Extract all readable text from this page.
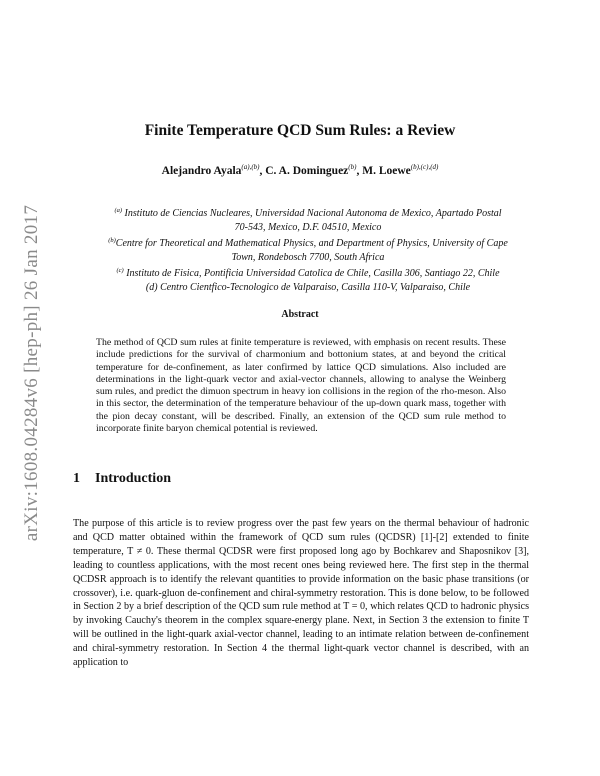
arXiv:1608.04284v6 [hep-ph] 26 Jan 2017
Finite Temperature QCD Sum Rules: a Review
Alejandro Ayala$^{(a),(b)}$, C. A. Dominguez$^{(b)}$, M. Loewe$^{(b),(c),(d)}$
$^{(a)}$ Instituto de Ciencias Nucleares, Universidad Nacional Autonoma de Mexico, Apartado Postal
70-543, Mexico, D.F. 04510, Mexico
$^{(b)}$Centre for Theoretical and Mathematical Physics, and Department of Physics, University of Cape
Town, Rondebosch 7700, South Africa
$^{(c)}$ Instituto de Fisica, Pontificia Universidad Catolica de Chile, Casilla 306, Santiago 22, Chile
(d) Centro Cientfico-Tecnologico de Valparaiso, Casilla 110-V, Valparaiso, Chile
Abstract
The method of QCD sum rules at finite temperature is reviewed, with emphasis on recent results. These include predictions for the survival of charmonium and bottonium states, at and beyond the critical temperature for de-confinement, as later confirmed by lattice QCD simulations. Also included are determinations in the light-quark vector and axial-vector channels, allowing to analyse the Weinberg sum rules, and predict the dimuon spectrum in heavy ion collisions in the region of the rho-meson. Also in this sector, the determination of the temperature behaviour of the up-down quark mass, together with the pion decay constant, will be described. Finally, an extension of the QCD sum rule method to incorporate finite baryon chemical potential is reviewed.
1 Introduction
The purpose of this article is to review progress over the past few years on the thermal behaviour of hadronic and QCD matter obtained within the framework of QCD sum rules (QCDSR) [1]-[2] extended to finite temperature, T ≠ 0. These thermal QCDSR were first proposed long ago by Bochkarev and Shaposnikov [3], leading to countless applications, with the most recent ones being reviewed here. The first step in the thermal QCDSR approach is to identify the relevant quantities to provide information on the basic phase transitions (or crossover), i.e. quark-gluon de-confinement and chiral-symmetry restoration. This is done below, to be followed in Section 2 by a brief description of the QCD sum rule method at T = 0, which relates QCD to hadronic physics by invoking Cauchy's theorem in the complex square-energy plane. Next, in Section 3 the extension to finite T will be outlined in the light-quark axial-vector channel, leading to an intimate relation between de-confinement and chiral-symmetry restoration. In Section 4 the thermal light-quark vector channel is described, with an application to
